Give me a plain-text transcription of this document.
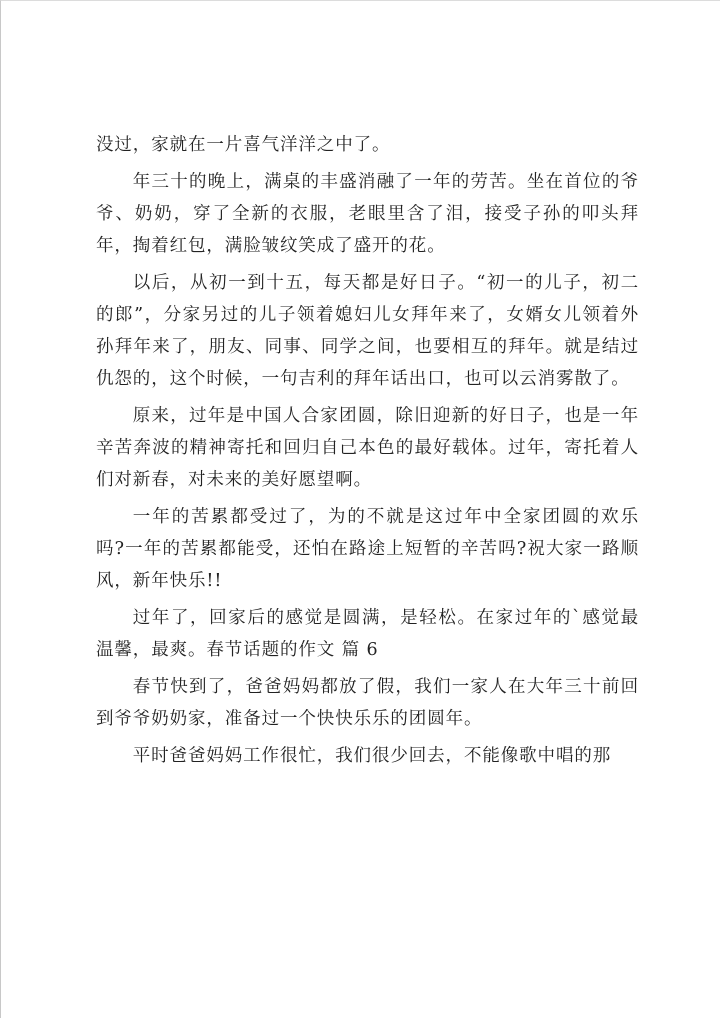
没过，家就在一片喜气洋洋之中了。

年三十的晚上，满桌的丰盛消融了一年的劳苦。坐在首位的爷爷、奶奶，穿了全新的衣服，老眼里含了泪，接受子孙的叩头拜年，掏着红包，满脸皱纹笑成了盛开的花。

以后，从初一到十五，每天都是好日子。“初一的儿子，初二的郎”，分家另过的儿子领着媳妇儿女拜年来了，女婿女儿领着外孙拜年来了，朋友、同事、同学之间，也要相互的拜年。就是结过仇怨的，这个时候，一句吉利的拜年话出口，也可以云消雾散了。

原来，过年是中国人合家团圆，除旧迎新的好日子，也是一年辛苦奔波的精神寄托和回归自己本色的最好载体。过年，寄托着人们对新春，对未来的美好愿望啊。

一年的苦累都受过了，为的不就是这过年中全家团圆的欢乐吗?一年的苦累都能受，还怕在路途上短暂的辛苦吗?祝大家一路顺风，新年快乐!!

过年了，回家后的感觉是圆满，是轻松。在家过年的`感觉最温馨，最爽。春节话题的作文 篇 6

春节快到了，爸爸妈妈都放了假，我们一家人在大年三十前回到爷爷奶奶家，准备过一个快快乐乐的团圆年。

平时爸爸妈妈工作很忙，我们很少回去，不能像歌中唱的那
